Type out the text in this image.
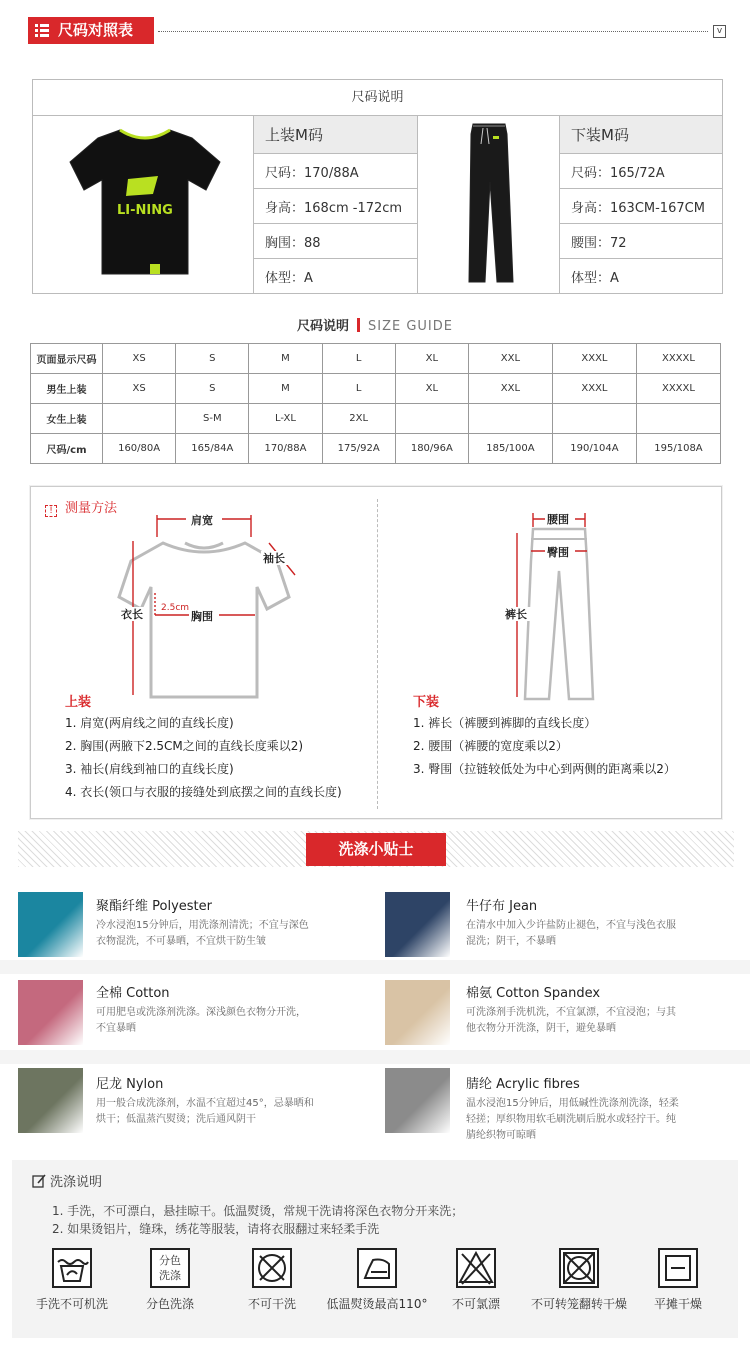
尺码对照表	v
尺码说明
LI-NING
上装M码
尺码：170/88A
身高：168cm -172cm
胸围：88
体型：A
下装M码
尺码：165/72A
身高：163CM-167CM
腰围：72
体型：A
尺码说明 SIZE GUIDE
页面显示尺码	XS	S	M	L	XL	XXL	XXXL	XXXXL
男生上装	XS	S	M	L	XL	XXL	XXXL	XXXXL
女生上装		S-M	L-XL	2XL				
尺码/cm	160/80A	165/84A	170/88A	175/92A	180/96A	185/100A	190/104A	195/108A
! 测量方法
肩宽
袖长
衣长	胸围
2.5cm
腰围
臀围
裤长
上装
1. 肩宽(两肩线之间的直线长度)
2. 胸围(两腋下2.5CM之间的直线长度乘以2)
3. 袖长(肩线到袖口的直线长度)
4. 衣长(领口与衣服的接缝处到底摆之间的直线长度)
下装
1. 裤长（裤腰到裤脚的直线长度）
2. 腰围（裤腰的宽度乘以2）
3. 臀围（拉链较低处为中心到两侧的距离乘以2）
洗涤小贴士
聚酯纤维 Polyester
冷水浸泡15分钟后，用洗涤剂清洗；不宜与深色
衣物混洗，不可暴晒，不宜烘干防生皱
牛仔布 Jean
在清水中加入少许盐防止褪色，不宜与浅色衣服
混洗；阴干，不暴晒
全棉 Cotton
可用肥皂或洗涤剂洗涤。深浅颜色衣物分开洗，
不宜暴晒
棉氨 Cotton Spandex
可洗涤剂手洗机洗，不宜氯漂，不宜浸泡；与其
他衣物分开洗涤，阴干，避免暴晒
尼龙 Nylon
用一般合成洗涤剂，水温不宜超过45°，忌暴晒和
烘干；低温蒸汽熨烫；洗后通风阴干
腈纶 Acrylic fibres
温水浸泡15分钟后，用低碱性洗涤剂洗涤，轻柔
轻搓；厚织物用软毛刷洗刷后脱水或轻拧干。纯
腈纶织物可晾晒
洗涤说明
1. 手洗，不可漂白，悬挂晾干。低温熨烫，常规干洗请将深色衣物分开来洗；
2. 如果烫铝片，缝珠，绣花等服装，请将衣服翻过来轻柔手洗
分色
洗涤
手洗不可机洗	分色洗涤	不可干洗	低温熨烫最高110°	不可氯漂	不可转笼翻转干燥	平摊干燥
